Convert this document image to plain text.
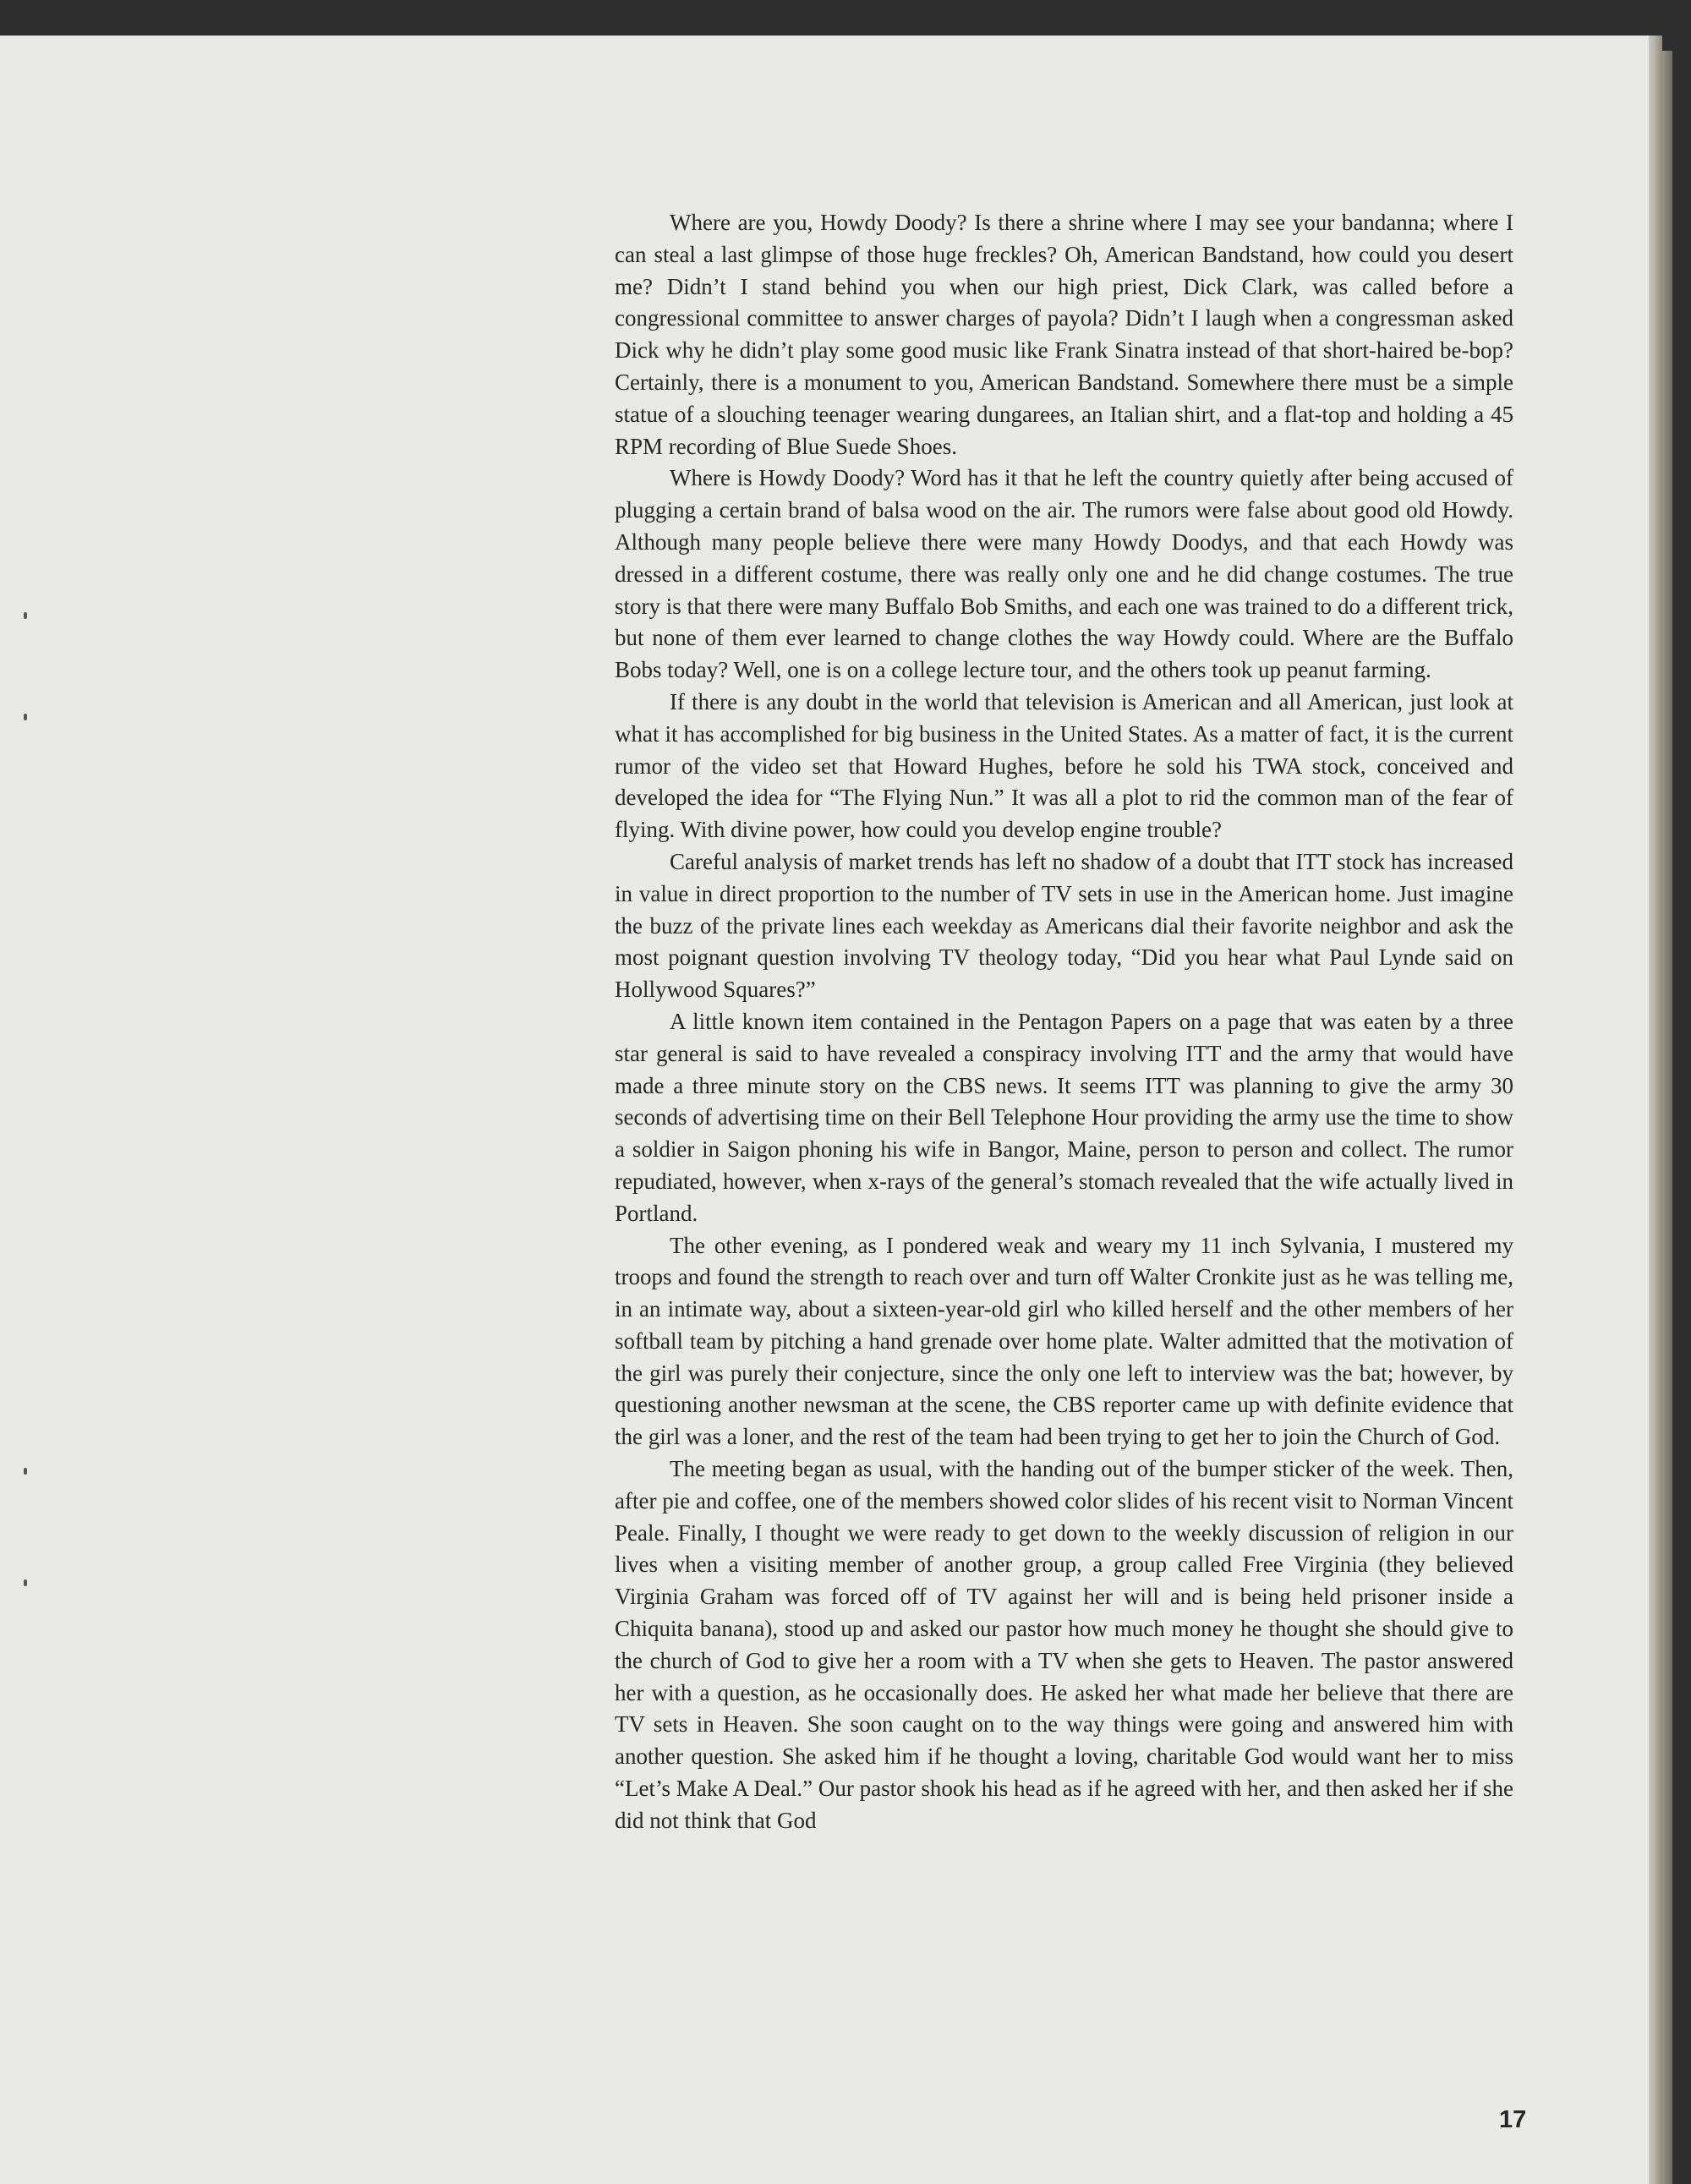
Where are you, Howdy Doody? Is there a shrine where I may see your bandanna; where I can steal a last glimpse of those huge freckles? Oh, American Bandstand, how could you desert me? Didn’t I stand behind you when our high priest, Dick Clark, was called before a congressional committee to answer charges of payola? Didn’t I laugh when a congressman asked Dick why he didn’t play some good music like Frank Sinatra instead of that short-haired be-bop? Certainly, there is a monument to you, American Bandstand. Somewhere there must be a simple statue of a slouching teenager wearing dungarees, an Italian shirt, and a flat-top and holding a 45 RPM recording of Blue Suede Shoes.

Where is Howdy Doody? Word has it that he left the country quietly after being accused of plugging a certain brand of balsa wood on the air. The rumors were false about good old Howdy. Although many people believe there were many Howdy Doodys, and that each Howdy was dressed in a different costume, there was really only one and he did change costumes. The true story is that there were many Buffalo Bob Smiths, and each one was trained to do a different trick, but none of them ever learned to change clothes the way Howdy could. Where are the Buffalo Bobs today? Well, one is on a college lecture tour, and the others took up peanut farming.

If there is any doubt in the world that television is American and all American, just look at what it has accomplished for big business in the United States. As a matter of fact, it is the current rumor of the video set that Howard Hughes, before he sold his TWA stock, conceived and developed the idea for “The Flying Nun.” It was all a plot to rid the common man of the fear of flying. With divine power, how could you develop engine trouble?

Careful analysis of market trends has left no shadow of a doubt that ITT stock has increased in value in direct proportion to the number of TV sets in use in the American home. Just imagine the buzz of the private lines each weekday as Americans dial their favorite neighbor and ask the most poignant question involving TV theology today, “Did you hear what Paul Lynde said on Hollywood Squares?”

A little known item contained in the Pentagon Papers on a page that was eaten by a three star general is said to have revealed a conspiracy involving ITT and the army that would have made a three minute story on the CBS news. It seems ITT was planning to give the army 30 seconds of advertising time on their Bell Telephone Hour providing the army use the time to show a soldier in Saigon phoning his wife in Bangor, Maine, person to person and collect. The rumor repudiated, however, when x-rays of the general’s stomach revealed that the wife actually lived in Portland.

The other evening, as I pondered weak and weary my 11 inch Sylvania, I mustered my troops and found the strength to reach over and turn off Walter Cronkite just as he was telling me, in an intimate way, about a sixteen-year-old girl who killed herself and the other members of her softball team by pitching a hand grenade over home plate. Walter admitted that the motivation of the girl was purely their conjecture, since the only one left to interview was the bat; however, by questioning another newsman at the scene, the CBS reporter came up with definite evidence that the girl was a loner, and the rest of the team had been trying to get her to join the Church of God.

The meeting began as usual, with the handing out of the bumper sticker of the week. Then, after pie and coffee, one of the members showed color slides of his recent visit to Norman Vincent Peale. Finally, I thought we were ready to get down to the weekly discussion of religion in our lives when a visiting member of another group, a group called Free Virginia (they believed Virginia Graham was forced off of TV against her will and is being held prisoner inside a Chiquita banana), stood up and asked our pastor how much money he thought she should give to the church of God to give her a room with a TV when she gets to Heaven. The pastor answered her with a question, as he occasionally does. He asked her what made her believe that there are TV sets in Heaven. She soon caught on to the way things were going and answered him with another question. She asked him if he thought a loving, charitable God would want her to miss “Let’s Make A Deal.” Our pastor shook his head as if he agreed with her, and then asked her if she did not think that God

17
